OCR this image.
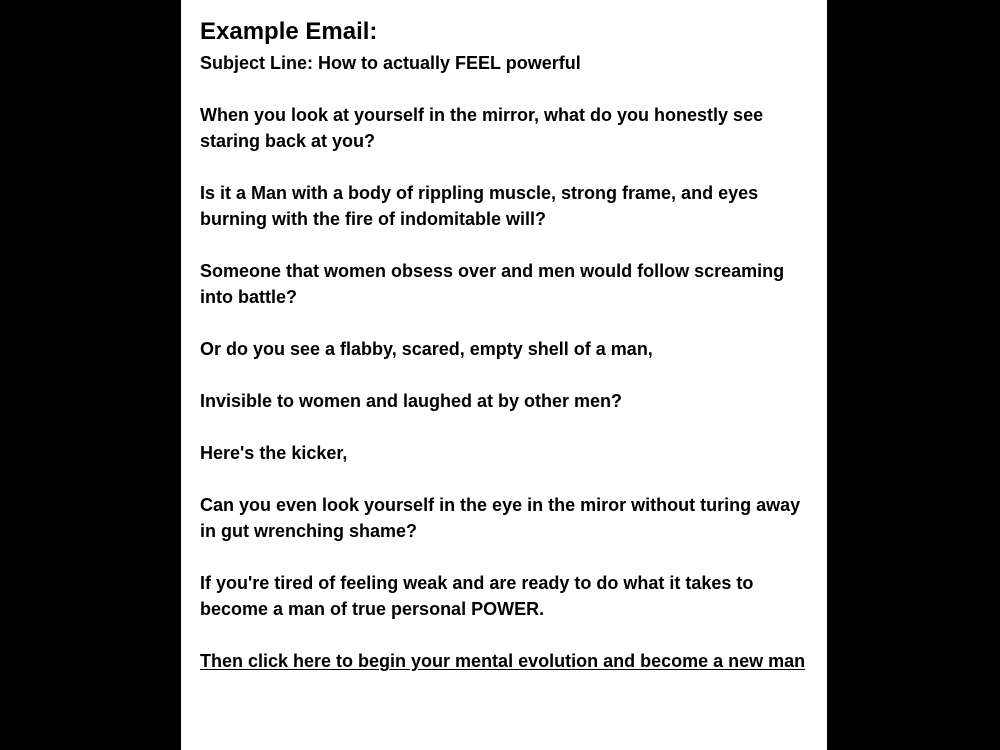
Example Email:

Subject Line: How to actually FEEL powerful

When you look at yourself in the mirror, what do you honestly see staring back at you?

Is it a Man with a body of rippling muscle, strong frame, and eyes burning with the fire of indomitable will?

Someone that women obsess over and men would follow screaming into battle?

Or do you see a flabby, scared, empty shell of a man,

Invisible to women and laughed at by other men?

Here's the kicker,

Can you even look yourself in the eye in the miror without turing away in gut wrenching shame?

If you're tired of feeling weak and are ready to do what it takes to become a man of true personal POWER.

Then click here to begin your mental evolution and become a new man
